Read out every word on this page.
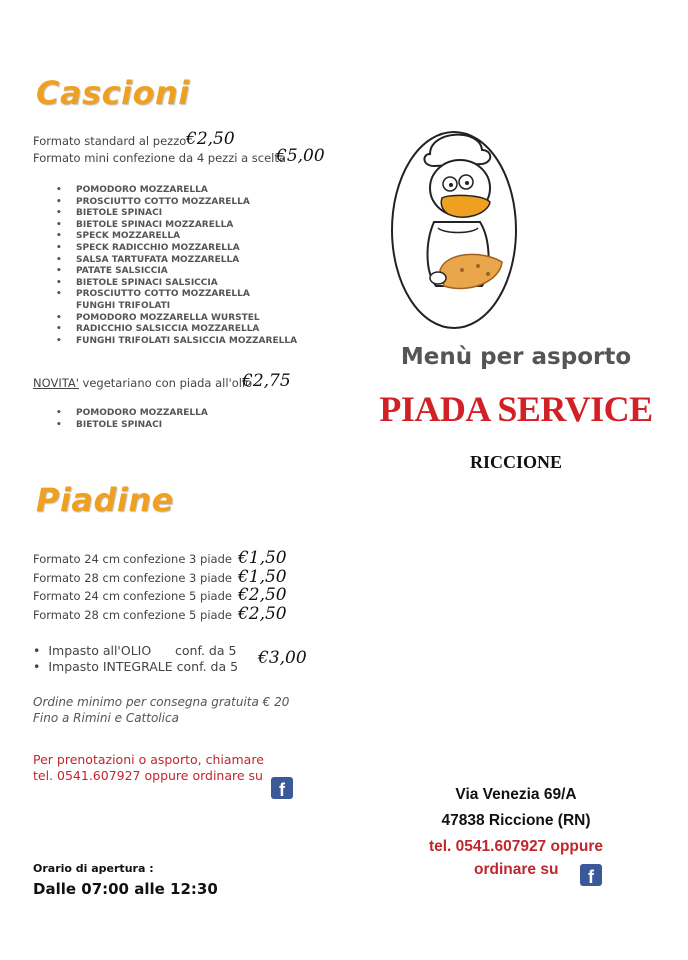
Cascioni
Formato standard al pezzo €2,50
Formato mini confezione da 4 pezzi a scelta
€5,00
• POMODORO MOZZARELLA
• PROSCIUTTO COTTO MOZZARELLA
• BIETOLE SPINACI
• BIETOLE SPINACI MOZZARELLA
• SPECK MOZZARELLA
• SPECK RADICCHIO MOZZARELLA
• SALSA TARTUFATA MOZZARELLA
• PATATE SALSICCIA
• BIETOLE SPINACI SALSICCIA
• PROSCIUTTO COTTO MOZZARELLA FUNGHI TRIFOLATI
• POMODORO MOZZARELLA WURSTEL
• RADICCHIO SALSICCIA MOZZARELLA
• FUNGHI TRIFOLATI SALSICCIA MOZZARELLA
NOVITA' vegetariano con piada all'olio
€2,75
• POMODORO MOZZARELLA
• BIETOLE SPINACI
Piadine
Formato 24 cm confezione 3 piade €1,50
Formato 28 cm confezione 3 piade €1,50
Formato 24 cm confezione 5 piade €2,50
Formato 28 cm confezione 5 piade €2,50
•  Impasto all'OLIO      conf. da 5
•  Impasto INTEGRALE conf. da 5 €3,00
Ordine minimo per consegna gratuita € 20
Fino a Rimini e Cattolica
Per prenotazioni o asporto, chiamare
tel. 0541.607927 oppure ordinare su
f
Orario di apertura :
Dalle 07:00 alle 12:30
Menù per asporto
PIADA SERVICE
RICCIONE
Via Venezia 69/A
47838 Riccione (RN)
tel. 0541.607927 oppure
ordinare su	f
